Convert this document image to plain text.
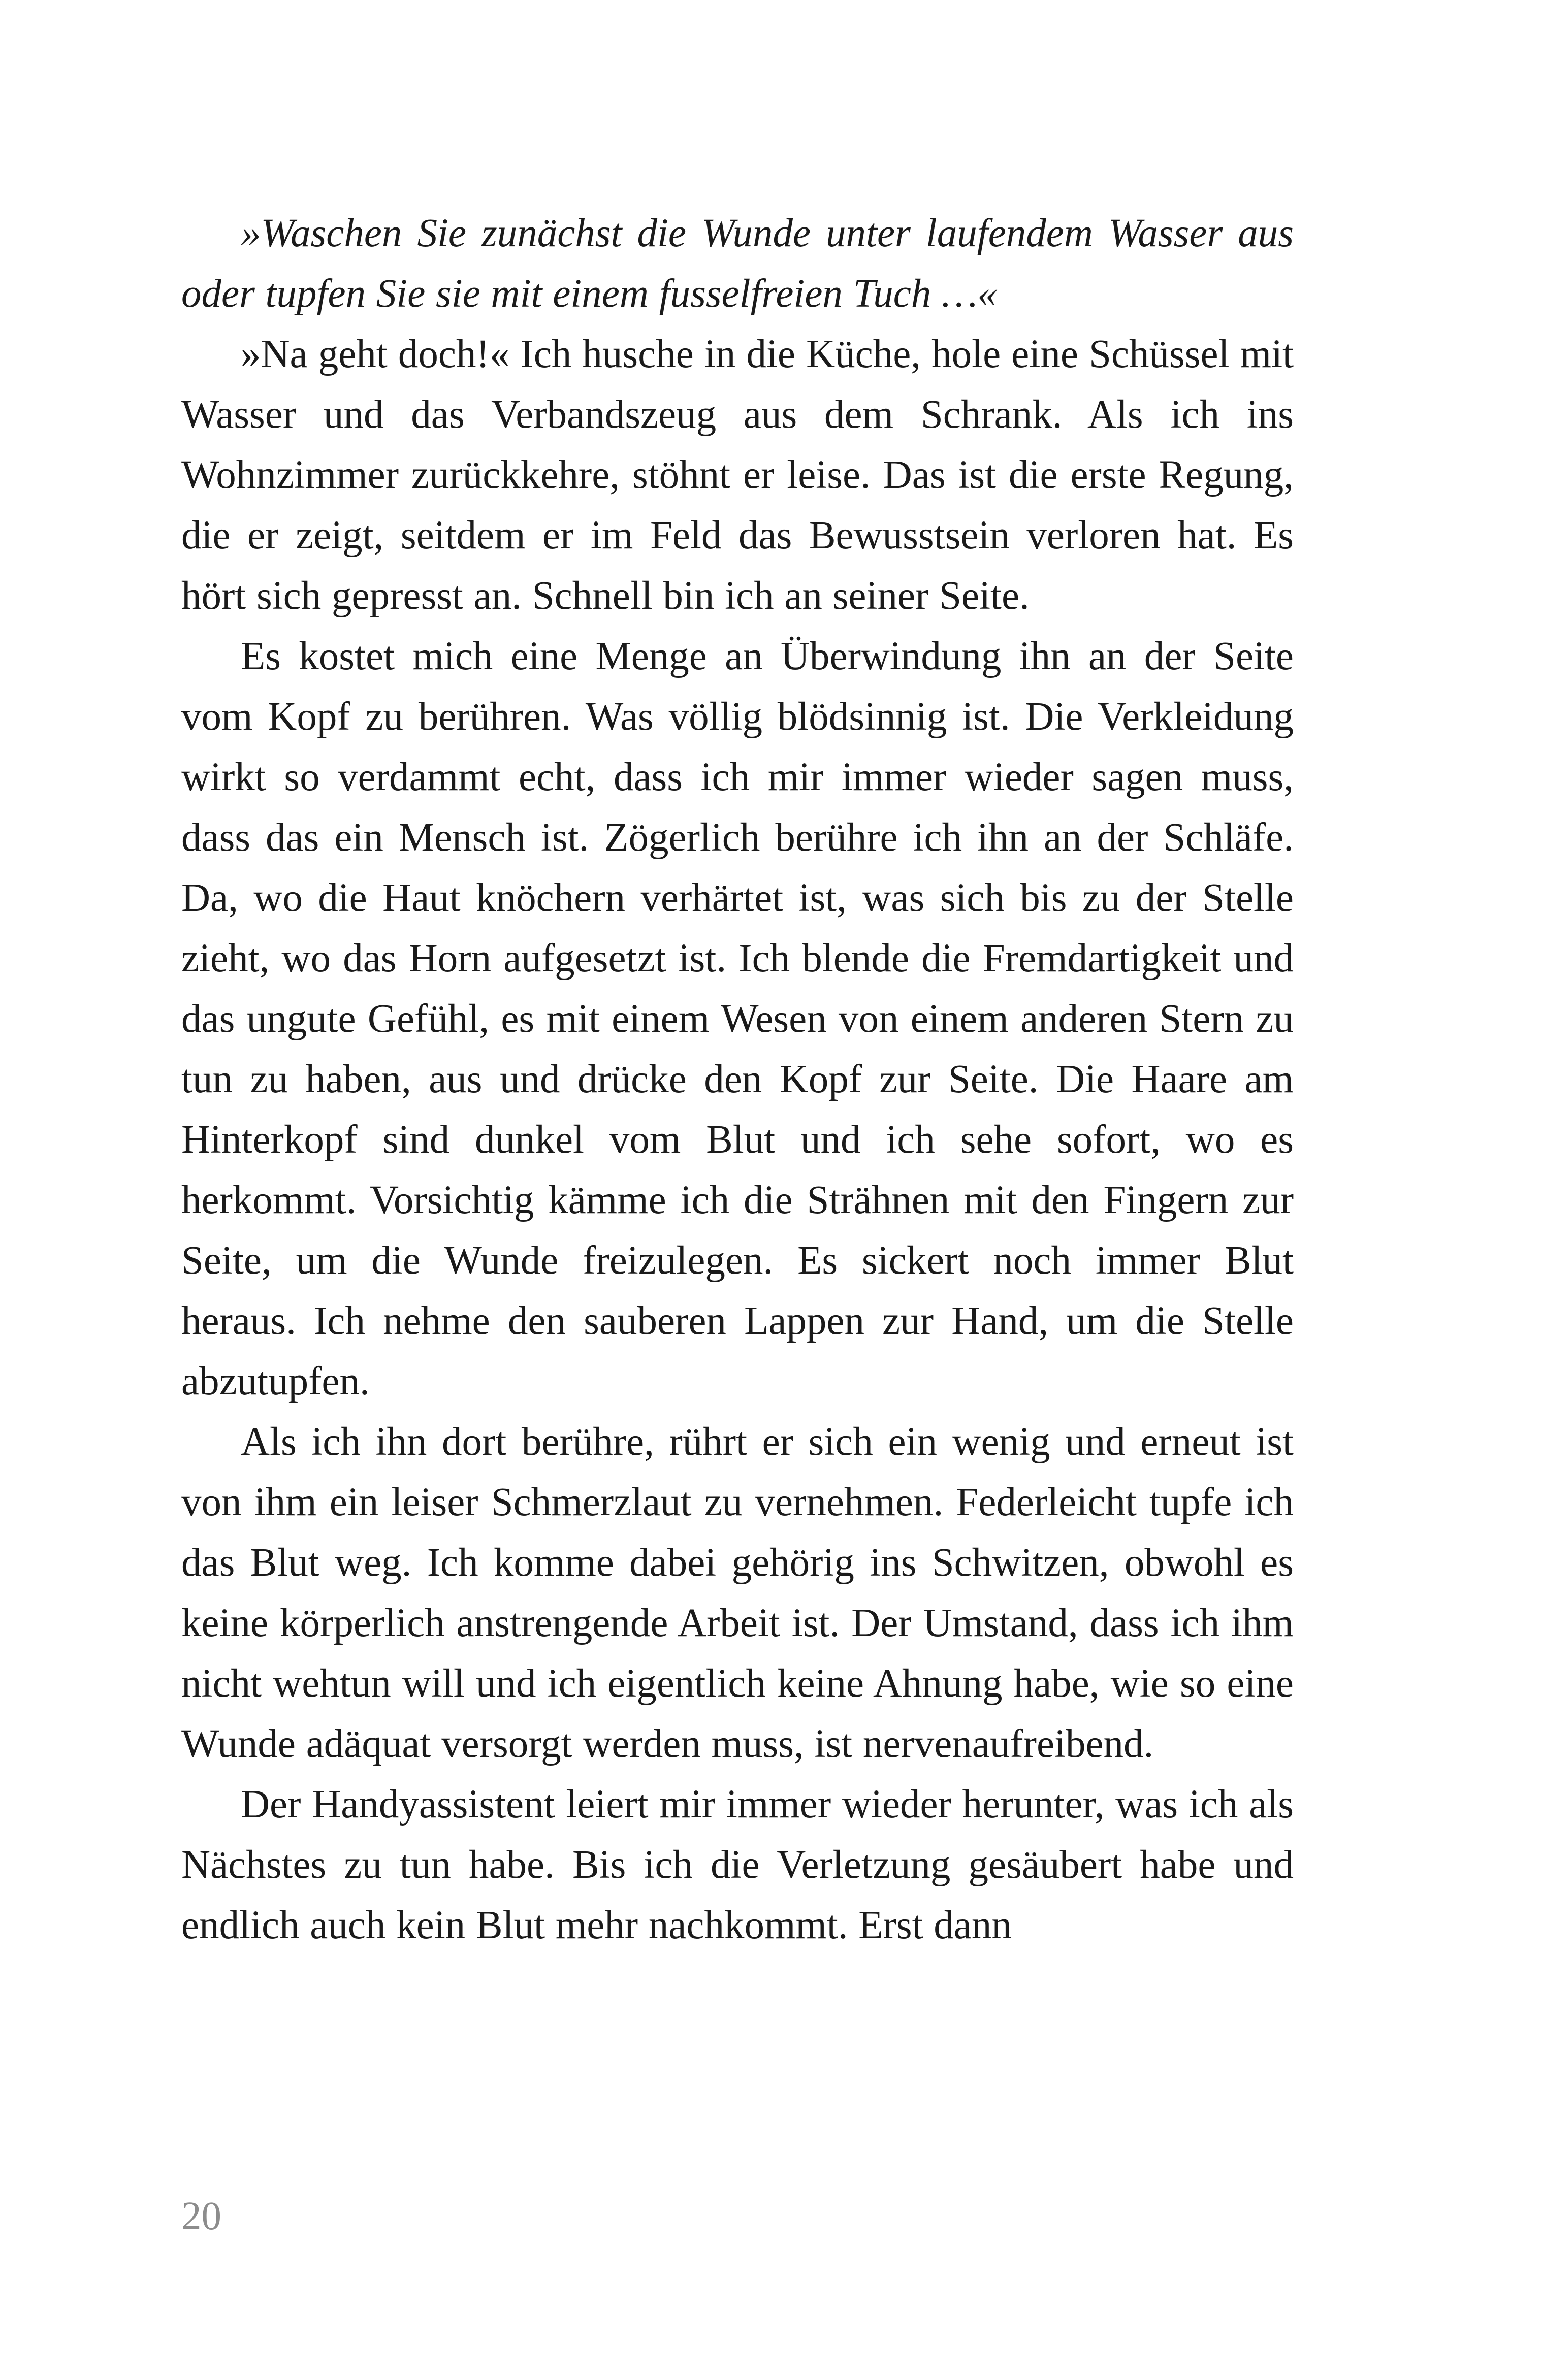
»Waschen Sie zunächst die Wunde unter laufendem Wasser aus oder tupfen Sie sie mit einem fusselfreien Tuch …«

»Na geht doch!« Ich husche in die Küche, hole eine Schüssel mit Wasser und das Verbandszeug aus dem Schrank. Als ich ins Wohnzimmer zurückkehre, stöhnt er leise. Das ist die erste Regung, die er zeigt, seitdem er im Feld das Bewusstsein verloren hat. Es hört sich gepresst an. Schnell bin ich an seiner Seite.

Es kostet mich eine Menge an Überwindung ihn an der Seite vom Kopf zu berühren. Was völlig blödsinnig ist. Die Verkleidung wirkt so verdammt echt, dass ich mir immer wieder sagen muss, dass das ein Mensch ist. Zögerlich berühre ich ihn an der Schläfe. Da, wo die Haut knöchern verhärtet ist, was sich bis zu der Stelle zieht, wo das Horn aufgesetzt ist. Ich blende die Fremdartigkeit und das ungute Gefühl, es mit einem Wesen von einem anderen Stern zu tun zu haben, aus und drücke den Kopf zur Seite. Die Haare am Hinterkopf sind dunkel vom Blut und ich sehe sofort, wo es herkommt. Vorsichtig kämme ich die Strähnen mit den Fingern zur Seite, um die Wunde freizulegen. Es sickert noch immer Blut heraus. Ich nehme den sauberen Lappen zur Hand, um die Stelle abzutupfen.

Als ich ihn dort berühre, rührt er sich ein wenig und erneut ist von ihm ein leiser Schmerzlaut zu vernehmen. Federleicht tupfe ich das Blut weg. Ich komme dabei gehörig ins Schwitzen, obwohl es keine körperlich anstrengende Arbeit ist. Der Umstand, dass ich ihm nicht wehtun will und ich eigentlich keine Ahnung habe, wie so eine Wunde adäquat versorgt werden muss, ist nervenaufreibend.

Der Handyassistent leiert mir immer wieder herunter, was ich als Nächstes zu tun habe. Bis ich die Verletzung gesäubert habe und endlich auch kein Blut mehr nachkommt. Erst dann

20
